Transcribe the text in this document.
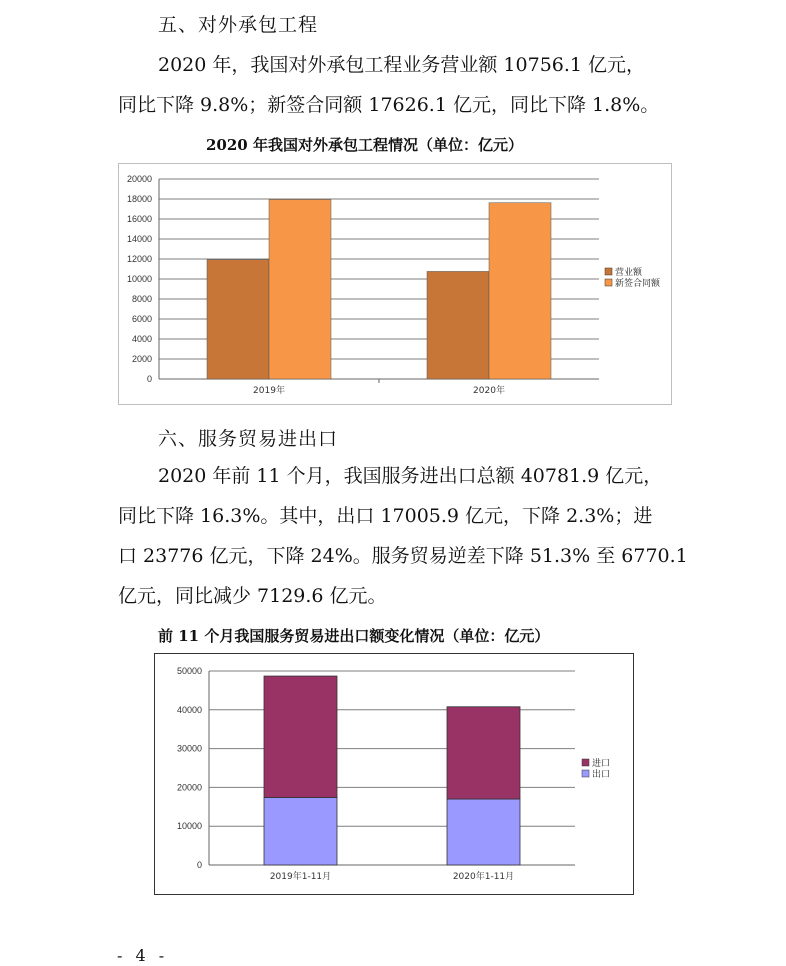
五、对外承包工程
2020 年，我国对外承包工程业务营业额 10756.1 亿元，
同比下降 9.8%；新签合同额 17626.1 亿元，同比下降 1.8%。
2020 年我国对外承包工程情况（单位：亿元）
0
2000
4000
6000
8000
10000
12000
14000
16000
18000
20000
2019年	2020年
营业额
新签合同额
六、服务贸易进出口
2020 年前 11 个月，我国服务进出口总额 40781.9 亿元，
同比下降 16.3%。其中，出口 17005.9 亿元，下降 2.3%；进
口 23776 亿元，下降 24%。服务贸易逆差下降 51.3% 至 6770.1
亿元，同比减少 7129.6 亿元。
前 11 个月我国服务贸易进出口额变化情况（单位：亿元）
0
10000
20000
30000
40000
50000
2019年1-11月	2020年1-11月
进口
出口
- 4 -
